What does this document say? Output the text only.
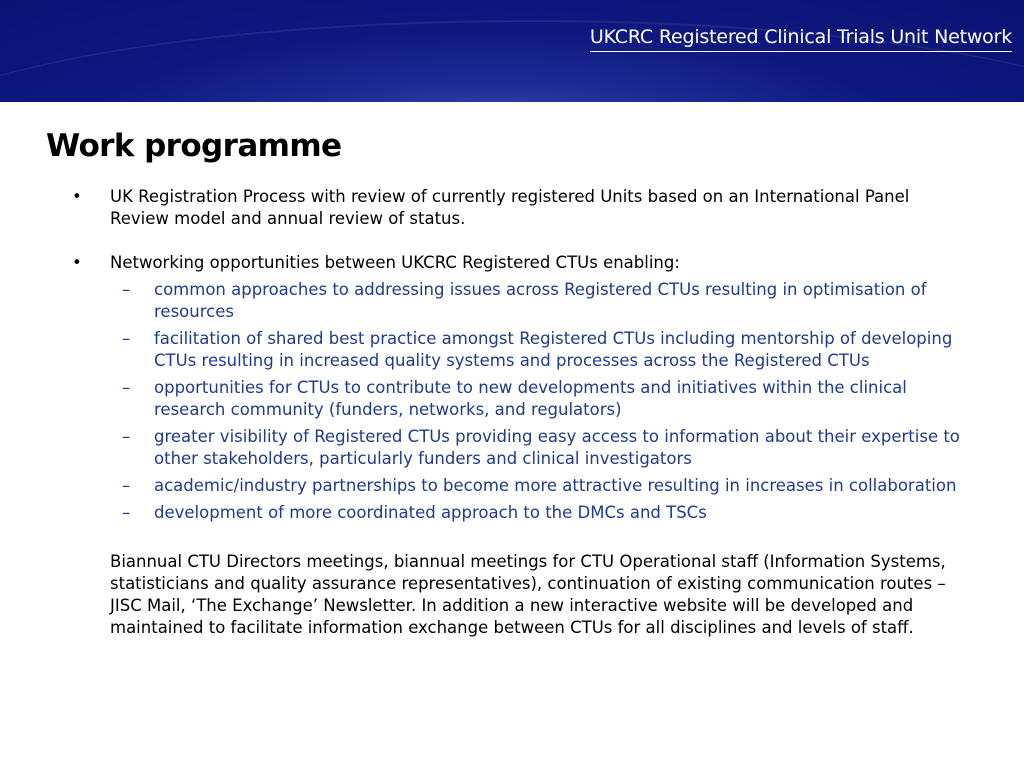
UKCRC Registered Clinical Trials Unit Network
Work programme
•	UK Registration Process with review of currently registered Units based on an International Panel Review model and annual review of status.
•	Networking opportunities between UKCRC Registered CTUs enabling:
– common approaches to addressing issues across Registered CTUs resulting in optimisation of resources
– facilitation of shared best practice amongst Registered CTUs including mentorship of developing CTUs resulting in increased quality systems and processes across the Registered CTUs
– opportunities for CTUs to contribute to new developments and initiatives within the clinical research community (funders, networks, and regulators)
– greater visibility of Registered CTUs providing easy access to information about their expertise to other stakeholders, particularly funders and clinical investigators
– academic/industry partnerships to become more attractive resulting in increases in collaboration
– development of more coordinated approach to the DMCs and TSCs
Biannual CTU Directors meetings, biannual meetings for CTU Operational staff (Information Systems, statisticians and quality assurance representatives), continuation of existing communication routes – JISC Mail, ‘The Exchange’ Newsletter. In addition a new interactive website will be developed and maintained to facilitate information exchange between CTUs for all disciplines and levels of staff.
